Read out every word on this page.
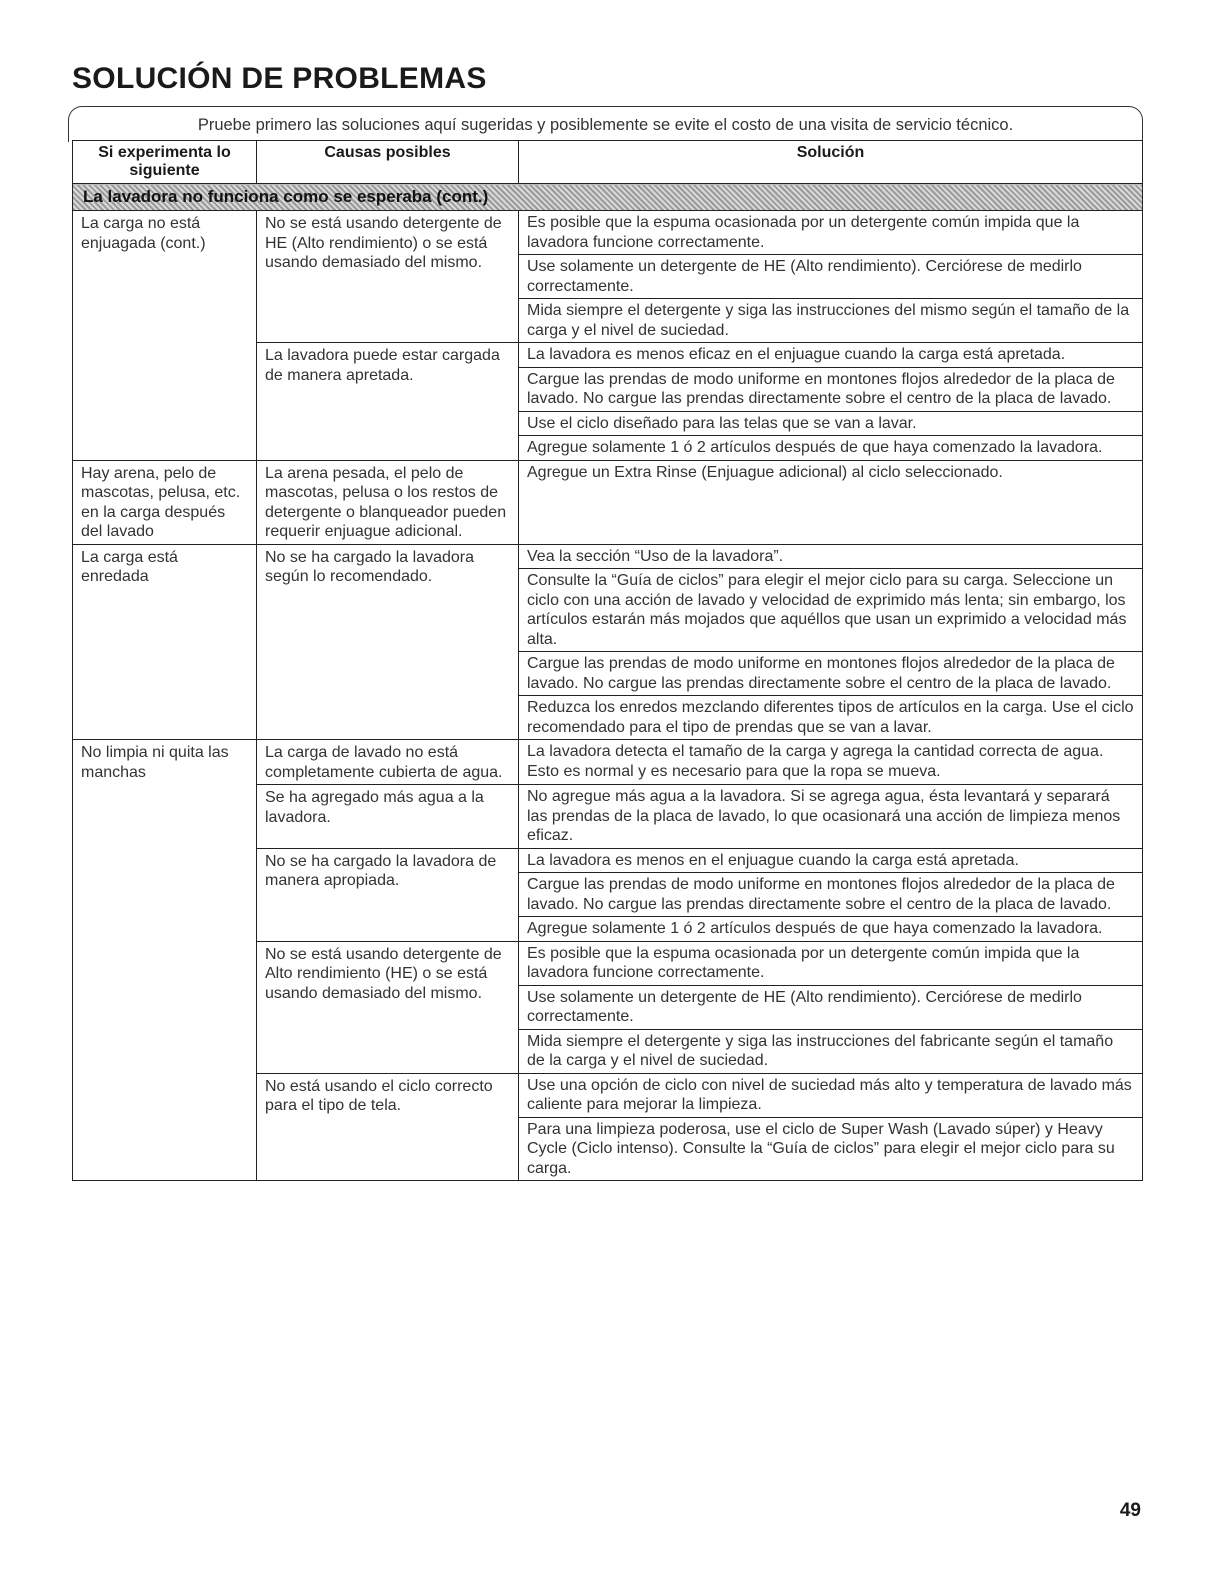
SOLUCIÓN DE PROBLEMAS
Pruebe primero las soluciones aquí sugeridas y posiblemente se evite el costo de una visita de servicio técnico.
Si experimenta lo siguiente	Causas posibles	Solución
La lavadora no funciona como se esperaba (cont.)		
La carga no está enjuagada (cont.)	No se está usando detergente de HE (Alto rendimiento) o se está usando demasiado del mismo.	Es posible que la espuma ocasionada por un detergente común impida que la lavadora funcione correctamente.
		Use solamente un detergente de HE (Alto rendimiento). Cerciórese de medirlo correctamente.
		Mida siempre el detergente y siga las instrucciones del mismo según el tamaño de la carga y el nivel de suciedad.
	La lavadora puede estar cargada de manera apretada.	La lavadora es menos eficaz en el enjuague cuando la carga está apretada.
		Cargue las prendas de modo uniforme en montones flojos alrededor de la placa de lavado. No cargue las prendas directamente sobre el centro de la placa de lavado.
		Use el ciclo diseñado para las telas que se van a lavar.
		Agregue solamente 1 ó 2 artículos después de que haya comenzado la lavadora.
Hay arena, pelo de mascotas, pelusa, etc. en la carga después del lavado	La arena pesada, el pelo de mascotas, pelusa o los restos de detergente o blanqueador pueden requerir enjuague adicional.	Agregue un Extra Rinse (Enjuague adicional) al ciclo seleccionado.
La carga está enredada	No se ha cargado la lavadora según lo recomendado.	Vea la sección “Uso de la lavadora”.
		Consulte la “Guía de ciclos” para elegir el mejor ciclo para su carga. Seleccione un ciclo con una acción de lavado y velocidad de exprimido más lenta; sin embargo, los artículos estarán más mojados que aquéllos que usan un exprimido a velocidad más alta.
		Cargue las prendas de modo uniforme en montones flojos alrededor de la placa de lavado. No cargue las prendas directamente sobre el centro de la placa de lavado.
		Reduzca los enredos mezclando diferentes tipos de artículos en la carga. Use el ciclo recomendado para el tipo de prendas que se van a lavar.
No limpia ni quita las manchas	La carga de lavado no está completamente cubierta de agua.	La lavadora detecta el tamaño de la carga y agrega la cantidad correcta de agua. Esto es normal y es necesario para que la ropa se mueva.
	Se ha agregado más agua a la lavadora.	No agregue más agua a la lavadora. Si se agrega agua, ésta levantará y separará las prendas de la placa de lavado, lo que ocasionará una acción de limpieza menos eficaz.
	No se ha cargado la lavadora de manera apropiada.	La lavadora es menos en el enjuague cuando la carga está apretada.
		Cargue las prendas de modo uniforme en montones flojos alrededor de la placa de lavado. No cargue las prendas directamente sobre el centro de la placa de lavado.
		Agregue solamente 1 ó 2 artículos después de que haya comenzado la lavadora.
	No se está usando detergente de Alto rendimiento (HE) o se está usando demasiado del mismo.	Es posible que la espuma ocasionada por un detergente común impida que la lavadora funcione correctamente.
		Use solamente un detergente de HE (Alto rendimiento). Cerciórese de medirlo correctamente.
		Mida siempre el detergente y siga las instrucciones del fabricante según el tamaño de la carga y el nivel de suciedad.
	No está usando el ciclo correcto para el tipo de tela.	Use una opción de ciclo con nivel de suciedad más alto y temperatura de lavado más caliente para mejorar la limpieza.
		Para una limpieza poderosa, use el ciclo de Super Wash (Lavado súper) y Heavy Cycle (Ciclo intenso). Consulte la “Guía de ciclos” para elegir el mejor ciclo para su carga.
49
